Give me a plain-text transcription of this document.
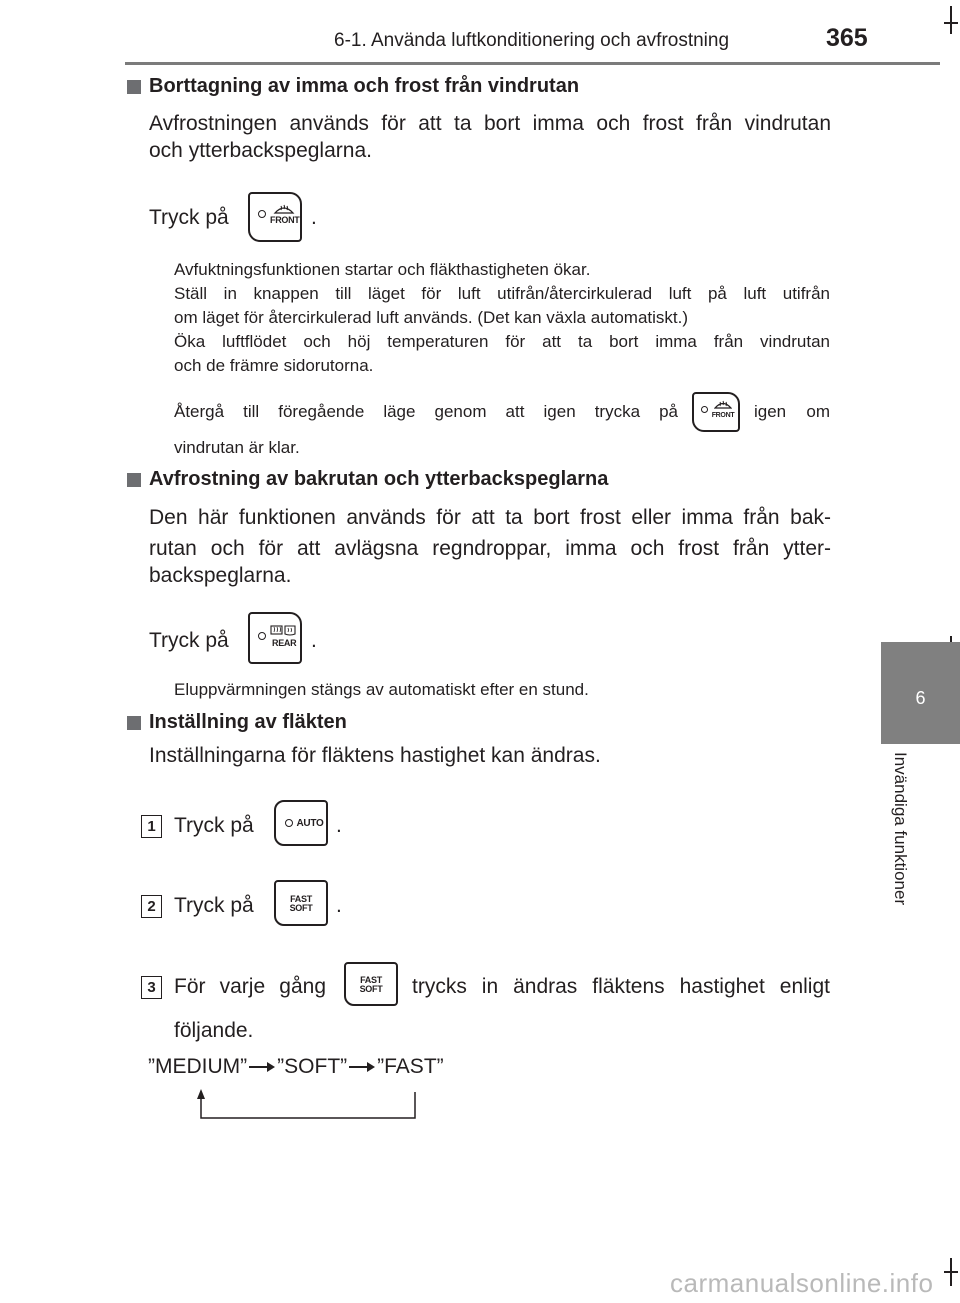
6-1. Använda luftkonditionering och avfrostning	365
6
Invändiga funktioner
Borttagning av imma och frost från vindrutan
Avfrostningen används för att ta bort imma och frost från vindrutan
och ytterbackspeglarna.
Tryck på	FRONT .
Avfuktningsfunktionen startar och fläkthastigheten ökar.
Ställ in knappen till läget för luft utifrån/återcirkulerad luft på luft utifrån
om läget för återcirkulerad luft används. (Det kan växla automatiskt.)
Öka luftflödet och höj temperaturen för att ta bort imma från vindrutan
och de främre sidorutorna.
Återgå till föregående läge genom att igen trycka på	FRONT igen om
vindrutan är klar.
Avfrostning av bakrutan och ytterbackspeglarna
Den här funktionen används för att ta bort frost eller imma från bak-
rutan och för att avlägsna regndroppar, imma och frost från ytter-
backspeglarna.
Tryck på	REAR .
Eluppvärmningen stängs av automatiskt efter en stund.
Inställning av fläkten
Inställningarna för fläktens hastighet kan ändras.
1 Tryck på	AUTO .
2 Tryck på	FAST
SOFT .
3 För varje gång	FAST
SOFT trycks in ändras fläktens hastighet enligt
följande.
”MEDIUM” ”SOFT” ”FAST”
carmanualsonline.info
